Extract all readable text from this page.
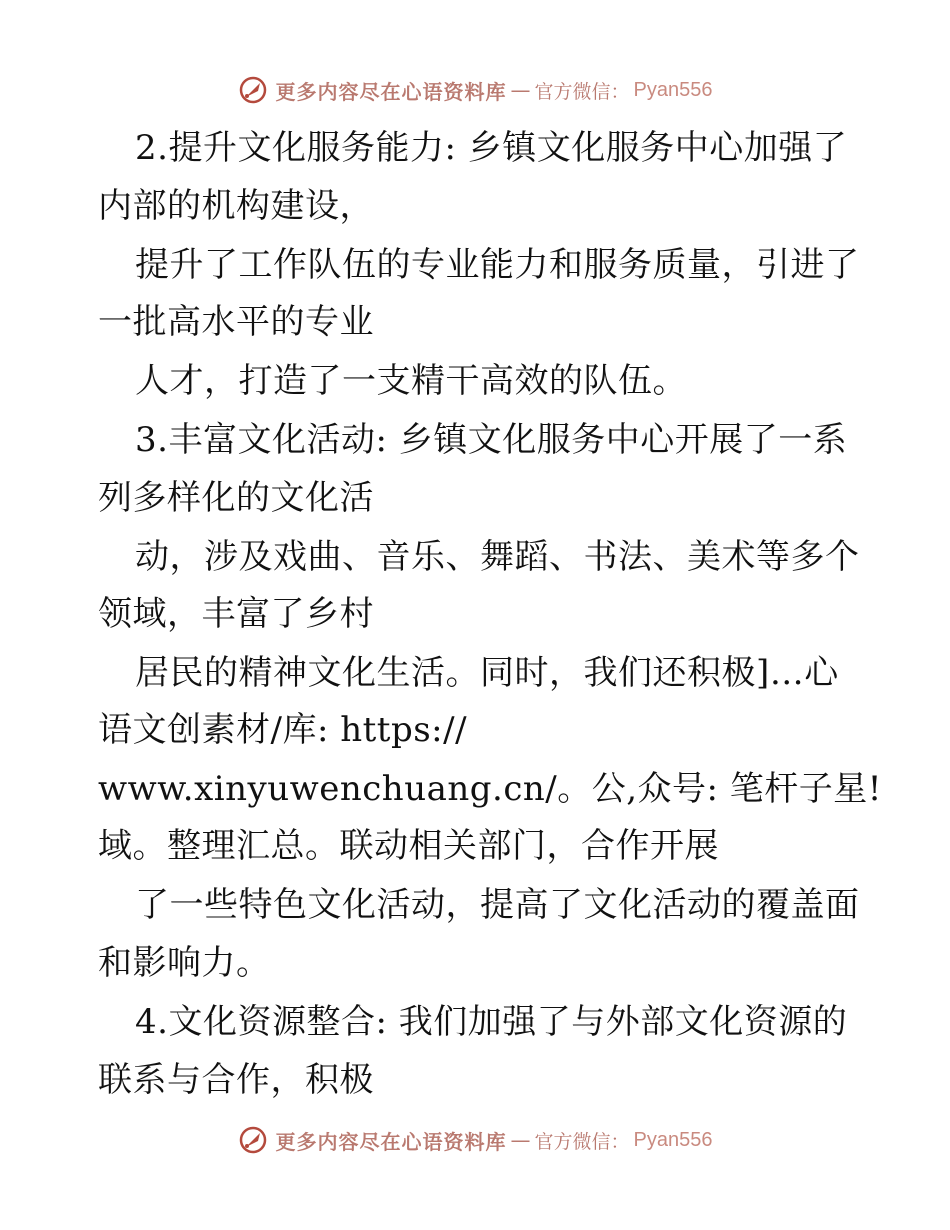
更多内容尽在心语资料库 — 官方微信： Pyan556
2.提升文化服务能力: 乡镇文化服务中心加强了
内部的机构建设，
提升了工作队伍的专业能力和服务质量，引进了
一批高水平的专业
人才，打造了一支精干高效的队伍。
3.丰富文化活动: 乡镇文化服务中心开展了一系
列多样化的文化活
动，涉及戏曲、音乐、舞蹈、书法、美术等多个
领域，丰富了乡村
居民的精神文化生活。同时，我们还积极]…心
语文创素材/库: https://
www.xinyuwenchuang.cn/。公,众号: 笔杆子星!
域。整理汇总。联动相关部门，合作开展
了一些特色文化活动，提高了文化活动的覆盖面
和影响力。
4.文化资源整合: 我们加强了与外部文化资源的
联系与合作，积极
更多内容尽在心语资料库 — 官方微信： Pyan556
